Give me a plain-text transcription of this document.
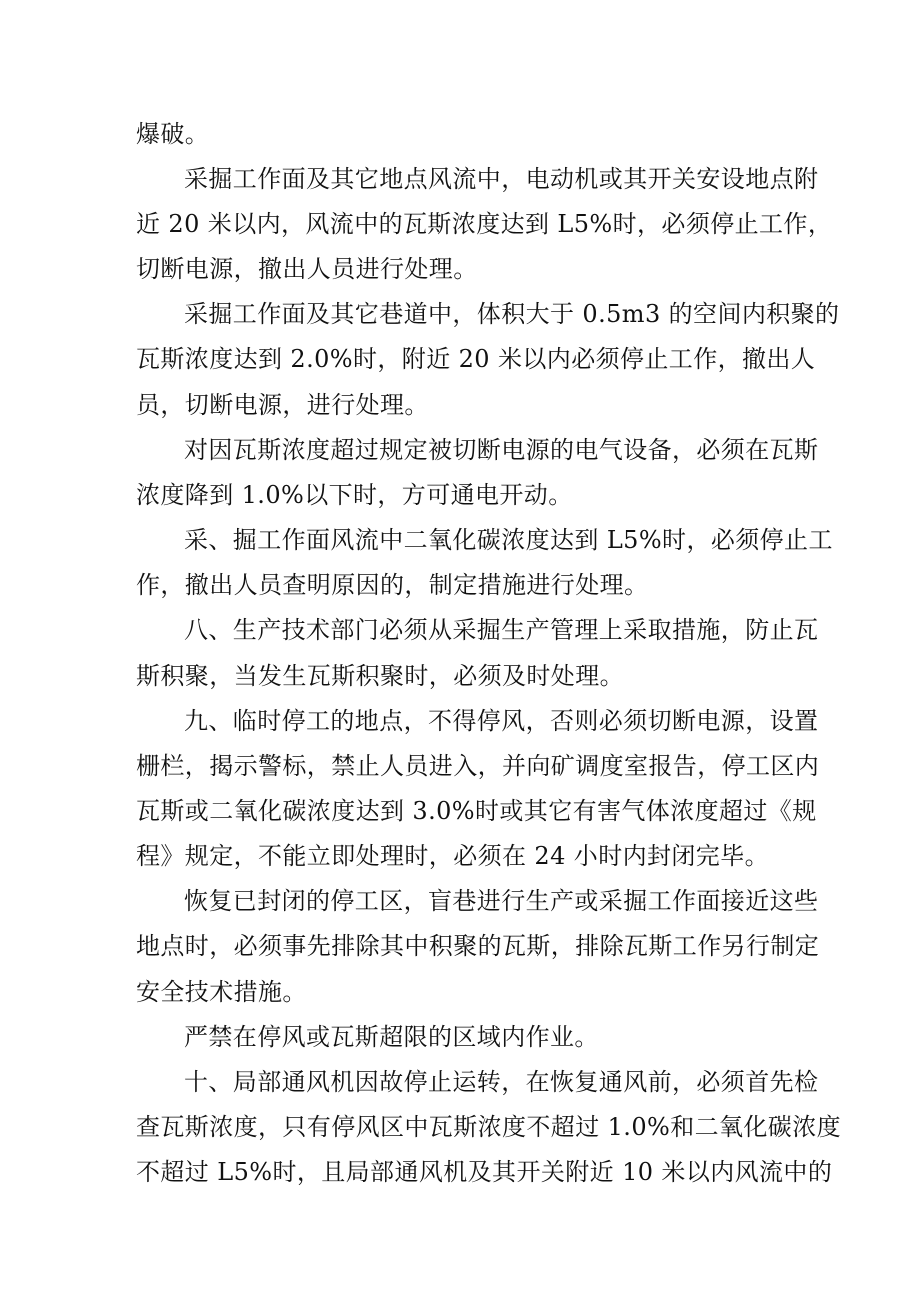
爆破。
采掘工作面及其它地点风流中，电动机或其开关安设地点附
近 20 米以内，风流中的瓦斯浓度达到 L5%时，必须停止工作，
切断电源，撤出人员进行处理。
采掘工作面及其它巷道中，体积大于 0.5m3 的空间内积聚的
瓦斯浓度达到 2.0%时，附近 20 米以内必须停止工作，撤出人
员，切断电源，进行处理。
对因瓦斯浓度超过规定被切断电源的电气设备，必须在瓦斯
浓度降到 1.0%以下时，方可通电开动。
采、掘工作面风流中二氧化碳浓度达到 L5%时，必须停止工
作，撤出人员查明原因的，制定措施进行处理。
八、生产技术部门必须从采掘生产管理上采取措施，防止瓦
斯积聚，当发生瓦斯积聚时，必须及时处理。
九、临时停工的地点，不得停风，否则必须切断电源，设置
栅栏，揭示警标，禁止人员进入，并向矿调度室报告，停工区内
瓦斯或二氧化碳浓度达到 3.0%时或其它有害气体浓度超过《规
程》规定，不能立即处理时，必须在 24 小时内封闭完毕。
恢复已封闭的停工区，盲巷进行生产或采掘工作面接近这些
地点时，必须事先排除其中积聚的瓦斯，排除瓦斯工作另行制定
安全技术措施。
严禁在停风或瓦斯超限的区域内作业。
十、局部通风机因故停止运转，在恢复通风前，必须首先检
查瓦斯浓度，只有停风区中瓦斯浓度不超过 1.0%和二氧化碳浓度
不超过 L5%时，且局部通风机及其开关附近 10 米以内风流中的
